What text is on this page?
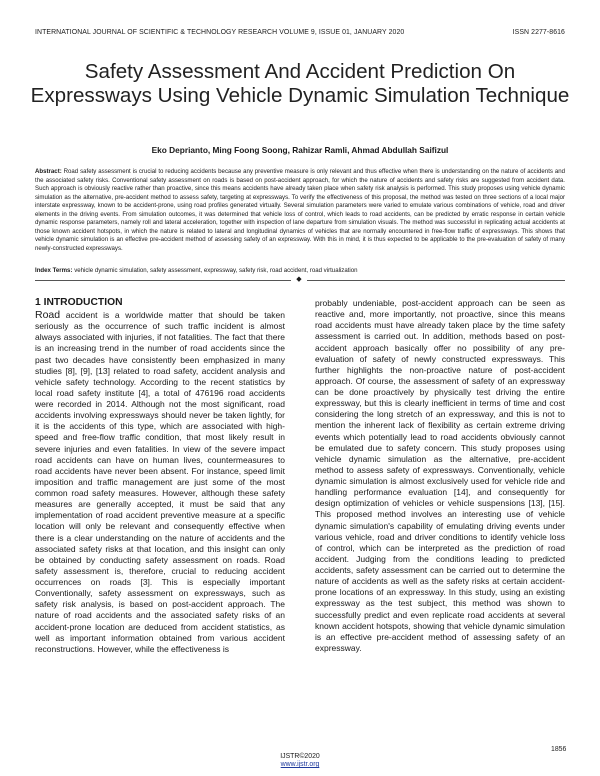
INTERNATIONAL JOURNAL OF SCIENTIFIC & TECHNOLOGY RESEARCH VOLUME 9, ISSUE 01, JANUARY 2020	ISSN 2277-8616
Safety Assessment And Accident Prediction On Expressways Using Vehicle Dynamic Simulation Technique
Eko Deprianto, Ming Foong Soong, Rahizar Ramli, Ahmad Abdullah Saifizul
Abstract: Road safety assessment is crucial to reducing accidents because any preventive measure is only relevant and thus effective when there is understanding on the nature of accidents and the associated safety risks. Conventional safety assessment on roads is based on post-accident approach, for which the nature of accidents and safety risks are suggested from accident data. Such approach is obviously reactive rather than proactive, since this means accidents have already taken place when safety risk analysis is performed. This study proposes using vehicle dynamic simulation as the alternative, pre-accident method to assess safety, targeting at expressways. To verify the effectiveness of this proposal, the method was tested on three sections of a local major interstate expressway, known to be accident-prone, using road profiles generated virtually. Several simulation parameters were varied to emulate various combinations of vehicle, road and driver elements in the driving events. From simulation outcomes, it was determined that vehicle loss of control, which leads to road accidents, can be predicted by erratic response in certain vehicle dynamic response parameters, namely roll and lateral acceleration, together with inspection of lane departure from simulation visuals. The method was successful in replicating actual accidents at those known accident hotspots, in which the nature is related to lateral and longitudinal dynamics of vehicles that are normally encountered in free-flow traffic of expressways. This shows that vehicle dynamic simulation is an effective pre-accident method of assessing safety of an expressway. With this in mind, it is thus expected to be applicable to the pre-evaluation of safety of many newly-constructed expressways.
Index Terms: vehicle dynamic simulation, safety assessment, expressway, safety risk, road accident, road virtualization
◆
1 INTRODUCTION

Road accident is a worldwide matter that should be taken seriously as the occurrence of such traffic incident is almost always associated with injuries, if not fatalities. The fact that there is an increasing trend in the number of road accidents since the past two decades have consistently been emphasized in many studies [8], [9], [13] related to road safety, accident analysis and vehicle safety technology. According to the recent statistics by local road safety institute [4], a total of 476196 road accidents were recorded in 2014. Although not the most significant, road accidents involving expressways should never be taken lightly, for it is the accidents of this type, which are associated with high-speed and free-flow traffic condition, that most likely result in severe injuries and even fatalities. In view of the severe impact road accidents can have on human lives, countermeasures to road accidents have never been absent. For instance, speed limit imposition and traffic management are just some of the most common road safety measures. However, although these safety measures are generally accepted, it must be said that any implementation of road accident preventive measure at a specific location will only be relevant and consequently effective when there is a clear understanding on the nature of accidents and the associated safety risks at that location, and this insight can only be obtained by conducting safety assessment on roads. Road safety assessment is, therefore, crucial to reducing accident occurrences on roads [3]. This is especially important Conventionally, safety assessment on expressways, such as safety risk analysis, is based on post-accident approach. The nature of road accidents and the associated safety risks of an accident-prone location are deduced from accident statistics, as well as important information obtained from various accident reconstructions. However, while the effectiveness is

probably undeniable, post-accident approach can be seen as reactive and, more importantly, not proactive, since this means road accidents must have already taken place by the time safety assessment is carried out. In addition, methods based on post-accident approach basically offer no possibility of any pre-evaluation of safety of newly constructed expressways. This further highlights the non-proactive nature of post-accident approach. Of course, the assessment of safety of an expressway can be done proactively by physically test driving the entire expressway, but this is clearly inefficient in terms of time and cost considering the long stretch of an expressway, and this is not to mention the inherent lack of flexibility as certain extreme driving events which potentially lead to road accidents obviously cannot be emulated due to safety concern. This study proposes using vehicle dynamic simulation as the alternative, pre-accident method to assess safety of expressways. Conventionally, vehicle dynamic simulation is almost exclusively used for vehicle ride and handling performance evaluation [14], and consequently for design optimization of vehicles or vehicle suspensions [13], [15]. This proposed method involves an interesting use of vehicle dynamic simulation's capability of emulating driving events under various vehicle, road and driver conditions to identify vehicle loss of control, which can be interpreted as the prediction of road accident. Judging from the conditions leading to predicted accidents, safety assessment can be carried out to determine the nature of accidents as well as the safety risks at certain accident-prone locations of an expressway. In this study, using an existing expressway as the test subject, this method was shown to successfully predict and even replicate road accidents at several known accident hotspots, showing that vehicle dynamic simulation is an effective pre-accident method of assessing safety of an expressway.

1856
IJSTR©2020
www.ijstr.org
